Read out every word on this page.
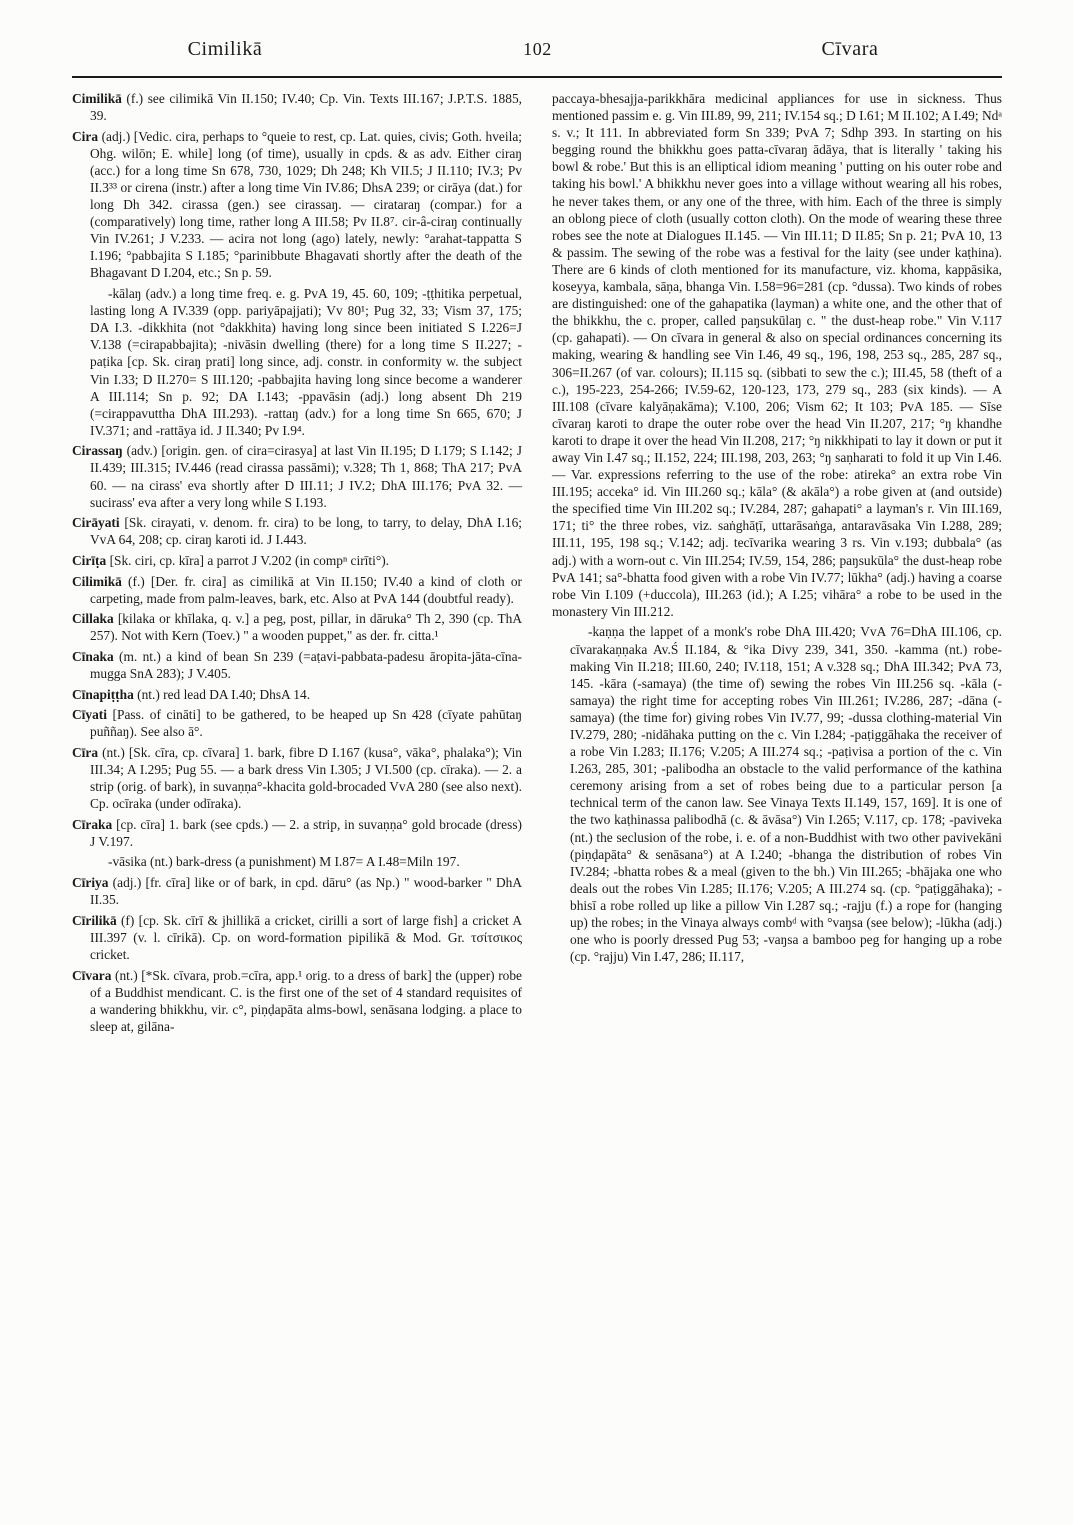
Cimilikā	102	Cīvara

Cimilikā (f.) see cilimikā Vin II.150; IV.40; Cp. Vin. Texts III.167; J.P.T.S. 1885, 39.

Cira (adj.) [Vedic. cira, perhaps to °queie to rest, cp. Lat. quies, civis; Goth. hveila; Ohg. wilōn; E. while] long (of time), usually in cpds. & as adv. Either ciraŋ (acc.) for a long time Sn 678, 730, 1029; Dh 248; Kh VII.5; J II.110; IV.3; Pv II.3³³ or cirena (instr.) after a long time Vin IV.86; DhsA 239; or cirāya (dat.) for long Dh 342. cirassa (gen.) see cirassaŋ. — cirataraŋ (compar.) for a (comparatively) long time, rather long A III.58; Pv II.8⁷. cir-â-ciraŋ continually Vin IV.261; J V.233. — acira not long (ago) lately, newly: °arahat-tappatta S I.196; °pabbajita S I.185; °parinibbute Bhagavati shortly after the death of the Bhagavant D I.204, etc.; Sn p. 59.

-kālaŋ (adv.) a long time freq. e. g. PvA 19, 45. 60, 109; -ṭṭhitika perpetual, lasting long A IV.339 (opp. pariyāpajjati); Vv 80¹; Pug 32, 33; Vism 37, 175; DA I.3. -dikkhita (not °dakkhita) having long since been initiated S I.226=J V.138 (=cirapabbajita); -nivāsin dwelling (there) for a long time S II.227; -paṭika [cp. Sk. ciraŋ prati] long since, adj. constr. in conformity w. the subject Vin I.33; D II.270= S III.120; -pabbajita having long since become a wanderer A III.114; Sn p. 92; DA I.143; -ppavāsin (adj.) long absent Dh 219 (=cirappavuttha DhA III.293). -rattaŋ (adv.) for a long time Sn 665, 670; J IV.371; and -rattāya id. J II.340; Pv I.9⁴.

Cirassaŋ (adv.) [origin. gen. of cira=cirasya] at last Vin II.195; D I.179; S I.142; J II.439; III.315; IV.446 (read cirassa passāmi); v.328; Th 1, 868; ThA 217; PvA 60. — na cirass' eva shortly after D III.11; J IV.2; DhA III.176; PvA 32. — sucirass' eva after a very long while S I.193.

Cirāyati [Sk. cirayati, v. denom. fr. cira) to be long, to tarry, to delay, DhA I.16; VvA 64, 208; cp. ciraŋ karoti id. J I.443.

Cirīṭa [Sk. ciri, cp. kīra] a parrot J V.202 (in compⁿ cirīti°).

Cilimikā (f.) [Der. fr. cira] as cimilikā at Vin II.150; IV.40 a kind of cloth or carpeting, made from palm-leaves, bark, etc. Also at PvA 144 (doubtful ready).

Cillaka [kilaka or khīlaka, q. v.] a peg, post, pillar, in dāruka° Th 2, 390 (cp. ThA 257). Not with Kern (Toev.) " a wooden puppet," as der. fr. citta.¹

Cīnaka (m. nt.) a kind of bean Sn 239 (=aṭavi-pabbata-padesu āropita-jāta-cīna-mugga SnA 283); J V.405.

Cīnapiṭṭha (nt.) red lead DA I.40; DhsA 14.

Cīyati [Pass. of cināti] to be gathered, to be heaped up Sn 428 (cīyate pahūtaŋ puññaŋ). See also ā°.

Cīra (nt.) [Sk. cīra, cp. cīvara] 1. bark, fibre D I.167 (kusa°, vāka°, phalaka°); Vin III.34; A I.295; Pug 55. — a bark dress Vin I.305; J VI.500 (cp. cīraka). — 2. a strip (orig. of bark), in suvaṇṇa°-khacita gold-brocaded VvA 280 (see also next). Cp. ocīraka (under odīraka).

Cīraka [cp. cīra] 1. bark (see cpds.) — 2. a strip, in suvaṇṇa° gold brocade (dress) J V.197.

-vāsika (nt.) bark-dress (a punishment) M I.87= A I.48=Miln 197.

Cīriya (adj.) [fr. cīra] like or of bark, in cpd. dāru° (as Np.) " wood-barker " DhA II.35.

Cīrilikā (f) [cp. Sk. cīrī & jhillikā a cricket, cirilli a sort of large fish] a cricket A III.397 (v. l. cīrikā). Cp. on word-formation pipilikā & Mod. Gr. τσίτσικος cricket.

Cīvara (nt.) [*Sk. cīvara, prob.=cīra, app.¹ orig. to a dress of bark] the (upper) robe of a Buddhist mendicant. C. is the first one of the set of 4 standard requisites of a wandering bhikkhu, vir. c°, piṇḍapāta alms-bowl, senāsana lodging. a place to sleep at, gilāna-

paccaya-bhesajja-parikkhāra medicinal appliances for use in sickness. Thus mentioned passim e. g. Vin III.89, 99, 211; IV.154 sq.; D I.61; M II.102; A I.49; Ndᵃ s. v.; It 111. In abbreviated form Sn 339; PvA 7; Sdhp 393. In starting on his begging round the bhikkhu goes patta-cīvaraŋ ādāya, that is literally ' taking his bowl & robe.' But this is an elliptical idiom meaning ' putting on his outer robe and taking his bowl.' A bhikkhu never goes into a village without wearing all his robes, he never takes them, or any one of the three, with him. Each of the three is simply an oblong piece of cloth (usually cotton cloth). On the mode of wearing these three robes see the note at Dialogues II.145. — Vin III.11; D II.85; Sn p. 21; PvA 10, 13 & passim. The sewing of the robe was a festival for the laity (see under kaṭhina). There are 6 kinds of cloth mentioned for its manufacture, viz. khoma, kappāsika, koseyya, kambala, sāṇa, bhanga Vin. I.58=96=281 (cp. °dussa). Two kinds of robes are distinguished: one of the gahapatika (layman) a white one, and the other that of the bhikkhu, the c. proper, called paŋsukūlaŋ c. " the dust-heap robe." Vin V.117 (cp. gahapati). — On cīvara in general & also on special ordinances concerning its making, wearing & handling see Vin I.46, 49 sq., 196, 198, 253 sq., 285, 287 sq., 306=II.267 (of var. colours); II.115 sq. (sibbati to sew the c.); III.45, 58 (theft of a c.), 195-223, 254-266; IV.59-62, 120-123, 173, 279 sq., 283 (six kinds). — A III.108 (cīvare kalyāṇakāma); V.100, 206; Vism 62; It 103; PvA 185. — Sīse cīvaraŋ karoti to drape the outer robe over the head Vin II.207, 217; °ŋ khandhe karoti to drape it over the head Vin II.208, 217; °ŋ nikkhipati to lay it down or put it away Vin I.47 sq.; II.152, 224; III.198, 203, 263; °ŋ saṇharati to fold it up Vin I.46. — Var. expressions referring to the use of the robe: atireka° an extra robe Vin III.195; acceka° id. Vin III.260 sq.; kāla° (& akāla°) a robe given at (and outside) the specified time Vin III.202 sq.; IV.284, 287; gahapati° a layman's r. Vin III.169, 171; ti° the three robes, viz. saṅghāṭī, uttarāsaṅga, antaravāsaka Vin I.288, 289; III.11, 195, 198 sq.; V.142; adj. tecīvarika wearing 3 rs. Vin v.193; dubbala° (as adj.) with a worn-out c. Vin III.254; IV.59, 154, 286; paŋsukūla° the dust-heap robe PvA 141; sa°-bhatta food given with a robe Vin IV.77; lūkha° (adj.) having a coarse robe Vin I.109 (+duccola), III.263 (id.); A I.25; vihāra° a robe to be used in the monastery Vin III.212.

-kaṇṇa the lappet of a monk's robe DhA III.420; VvA 76=DhA III.106, cp. cīvarakaṇṇaka Av.Ś II.184, & °ika Divy 239, 341, 350. -kamma (nt.) robe-making Vin II.218; III.60, 240; IV.118, 151; A v.328 sq.; DhA III.342; PvA 73, 145. -kāra (-samaya) (the time of) sewing the robes Vin III.256 sq. -kāla (-samaya) the right time for accepting robes Vin III.261; IV.286, 287; -dāna (-samaya) (the time for) giving robes Vin IV.77, 99; -dussa clothing-material Vin IV.279, 280; -nidāhaka putting on the c. Vin I.284; -paṭiggāhaka the receiver of a robe Vin I.283; II.176; V.205; A III.274 sq.; -paṭivisa a portion of the c. Vin I.263, 285, 301; -palibodha an obstacle to the valid performance of the kathina ceremony arising from a set of robes being due to a particular person [a technical term of the canon law. See Vinaya Texts II.149, 157, 169]. It is one of the two kaṭhinassa palibodhā (c. & āvāsa°) Vin I.265; V.117, cp. 178; -paviveka (nt.) the seclusion of the robe, i. e. of a non-Buddhist with two other pavivekāni (piṇḍapāta° & senāsana°) at A I.240; -bhanga the distribution of robes Vin IV.284; -bhatta robes & a meal (given to the bh.) Vin III.265; -bhājaka one who deals out the robes Vin I.285; II.176; V.205; A III.274 sq. (cp. °paṭiggāhaka); -bhisī a robe rolled up like a pillow Vin I.287 sq.; -rajju (f.) a rope for (hanging up) the robes; in the Vinaya always combᵈ with °vaŋsa (see below); -lūkha (adj.) one who is poorly dressed Pug 53; -vaŋsa a bamboo peg for hanging up a robe (cp. °rajju) Vin I.47, 286; II.117,
